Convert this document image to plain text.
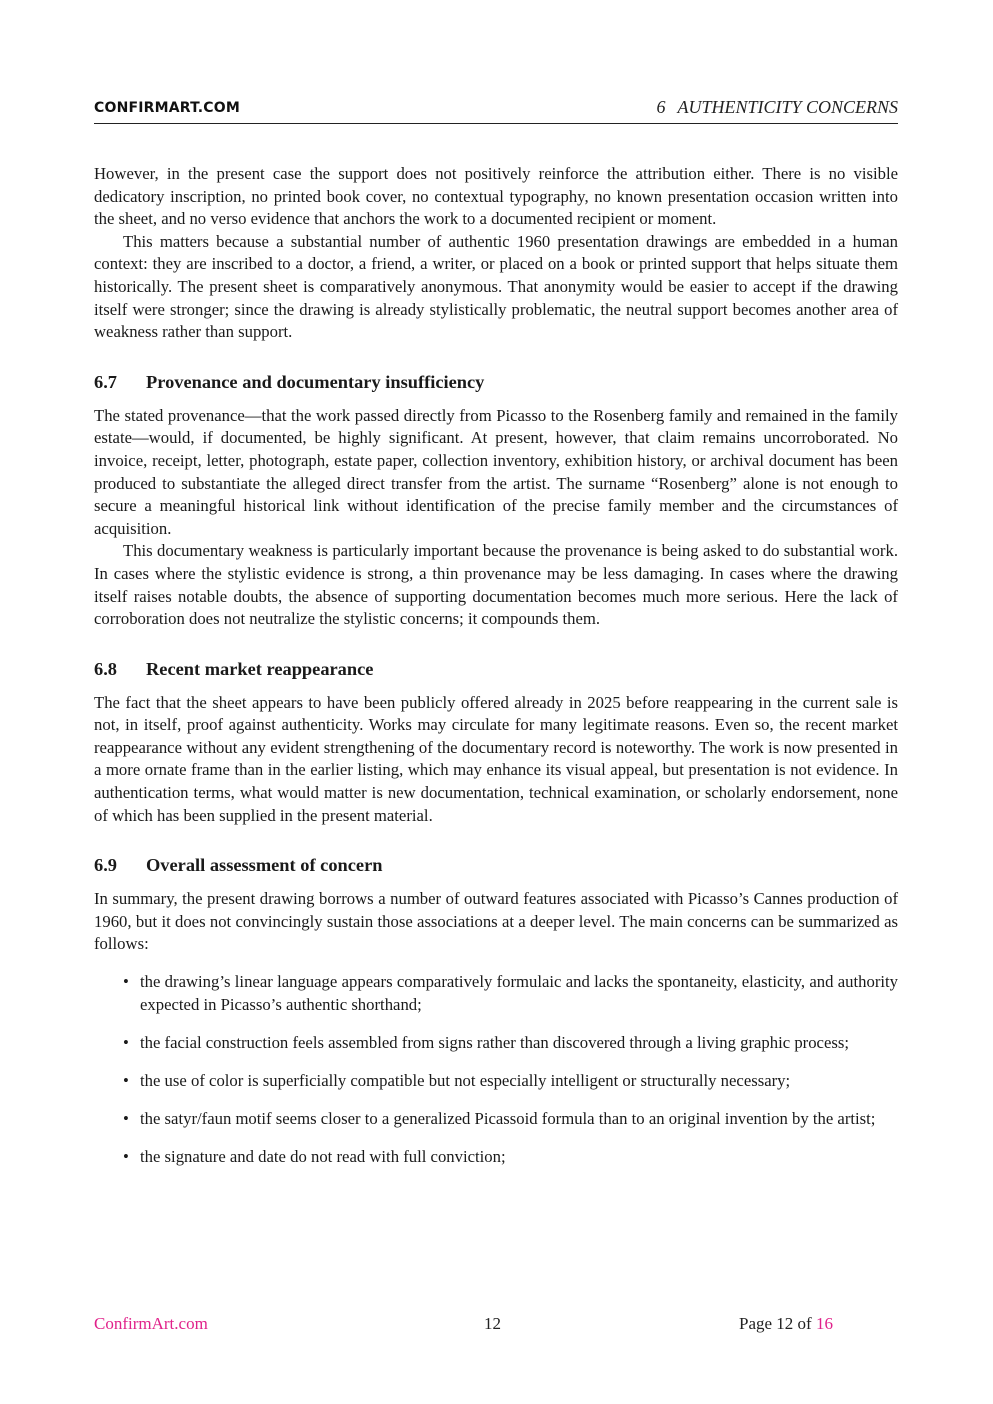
CONFIRMART.COM	6 AUTHENTICITY CONCERNS

However, in the present case the support does not positively reinforce the attribution either. There is no visible dedicatory inscription, no printed book cover, no contextual typography, no known presentation occasion written into the sheet, and no verso evidence that anchors the work to a documented recipient or moment.

This matters because a substantial number of authentic 1960 presentation drawings are embedded in a human context: they are inscribed to a doctor, a friend, a writer, or placed on a book or printed support that helps situate them historically. The present sheet is comparatively anonymous. That anonymity would be easier to accept if the drawing itself were stronger; since the drawing is already stylistically problematic, the neutral support becomes another area of weakness rather than support.

6.7 Provenance and documentary insufficiency

The stated provenance—that the work passed directly from Picasso to the Rosenberg family and remained in the family estate—would, if documented, be highly significant. At present, however, that claim remains uncorroborated. No invoice, receipt, letter, photograph, estate paper, collection inventory, exhibition history, or archival document has been produced to substantiate the alleged direct transfer from the artist. The surname “Rosenberg” alone is not enough to secure a meaningful historical link without identification of the precise family member and the circumstances of acquisition.

This documentary weakness is particularly important because the provenance is being asked to do substantial work. In cases where the stylistic evidence is strong, a thin provenance may be less damaging. In cases where the drawing itself raises notable doubts, the absence of supporting documentation becomes much more serious. Here the lack of corroboration does not neutralize the stylistic concerns; it compounds them.

6.8 Recent market reappearance

The fact that the sheet appears to have been publicly offered already in 2025 before reappearing in the current sale is not, in itself, proof against authenticity. Works may circulate for many legitimate reasons. Even so, the recent market reappearance without any evident strengthening of the documentary record is noteworthy. The work is now presented in a more ornate frame than in the earlier listing, which may enhance its visual appeal, but presentation is not evidence. In authentication terms, what would matter is new documentation, technical examination, or scholarly endorsement, none of which has been supplied in the present material.

6.9 Overall assessment of concern

In summary, the present drawing borrows a number of outward features associated with Picasso’s Cannes production of 1960, but it does not convincingly sustain those associations at a deeper level. The main concerns can be summarized as follows:

• the drawing’s linear language appears comparatively formulaic and lacks the spontaneity, elasticity, and authority expected in Picasso’s authentic shorthand;
• the facial construction feels assembled from signs rather than discovered through a living graphic process;
• the use of color is superficially compatible but not especially intelligent or structurally necessary;
• the satyr/faun motif seems closer to a generalized Picassoid formula than to an original invention by the artist;
• the signature and date do not read with full conviction;
ConfirmArt.com	12	Page 12 of 16
